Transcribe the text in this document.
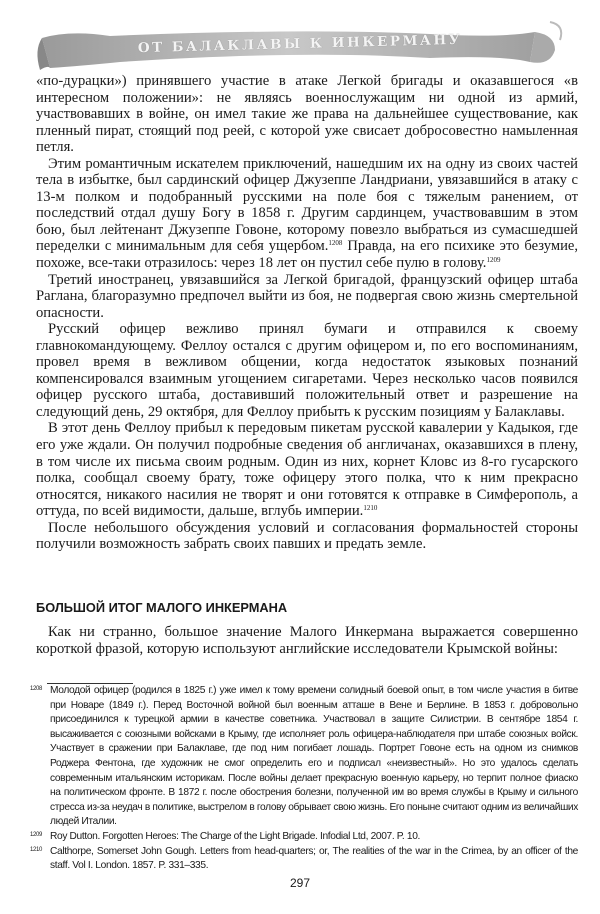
ОТ БАЛАКЛАВЫ К ИНКЕРМАНУ

«по-дурацки») принявшего участие в атаке Легкой бригады и оказавшегося «в интересном положении»: не являясь военнослужащим ни одной из армий, участвовавших в войне, он имел такие же права на дальнейшее существование, как пленный пират, стоящий под реей, с которой уже свисает добросовестно намыленная петля.

Этим романтичным искателем приключений, нашедшим их на одну из своих частей тела в избытке, был сардинский офицер Джузеппе Ландриани, увязавшийся в атаку с 13-м полком и подобранный русскими на поле боя с тяжелым ранением, от последствий отдал душу Богу в 1858 г. Другим сардинцем, участвовавшим в этом бою, был лейтенант Джузеппе Говоне, которому повезло выбраться из сумасшедшей переделки с минимальным для себя ущербом.$^{1208}$ Правда, на его психике это безумие, похоже, все-таки отразилось: через 18 лет он пустил себе пулю в голову.$^{1209}$

Третий иностранец, увязавшийся за Легкой бригадой, французский офицер штаба Раглана, благоразумно предпочел выйти из боя, не подвергая свою жизнь смертельной опасности.

Русский офицер вежливо принял бумаги и отправился к своему главнокомандующему. Феллоу остался с другим офицером и, по его воспоминаниям, провел время в вежливом общении, когда недостаток языковых познаний компенсировался взаимным угощением сигаретами. Через несколько часов появился офицер русского штаба, доставивший положительный ответ и разрешение на следующий день, 29 октября, для Феллоу прибыть к русским позициям у Балаклавы.

В этот день Феллоу прибыл к передовым пикетам русской кавалерии у Кадыкоя, где его уже ждали. Он получил подробные сведения об англичанах, оказавшихся в плену, в том числе их письма своим родным. Один из них, корнет Кловс из 8-го гусарского полка, сообщал своему брату, тоже офицеру этого полка, что к ним прекрасно относятся, никакого насилия не творят и они готовятся к отправке в Симферополь, а оттуда, по всей видимости, дальше, вглубь империи.$^{1210}$

После небольшого обсуждения условий и согласования формальностей стороны получили возможность забрать своих павших и предать земле.

БОЛЬШОЙ ИТОГ МАЛОГО ИНКЕРМАНА

Как ни странно, большое значение Малого Инкермана выражается совершенно короткой фразой, которую используют английские исследователи Крымской войны:

1208 Молодой офицер (родился в 1825 г.) уже имел к тому времени солидный боевой опыт, в том числе участия в битве при Новаре (1849 г.). Перед Восточной войной был военным атташе в Вене и Берлине. В 1853 г. добровольно присоединился к турецкой армии в качестве советника. Участвовал в защите Силистрии. В сентябре 1854 г. высаживается с союзными войсками в Крыму, где исполняет роль офицера-наблюдателя при штабе союзных войск. Участвует в сражении при Балаклаве, где под ним погибает лошадь. Портрет Говоне есть на одном из снимков Роджера Фентона, где художник не смог определить его и подписал «неизвестный». Но это удалось сделать современным итальянским историкам. После войны делает прекрасную военную карьеру, но терпит полное фиаско на политическом фронте. В 1872 г. после обострения болезни, полученной им во время службы в Крыму и сильного стресса из-за неудач в политике, выстрелом в голову обрывает свою жизнь. Его поныне считают одним из величайших людей Италии.
1209 Roy Dutton. Forgotten Heroes: The Charge of the Light Brigade. Infodial Ltd, 2007. P. 10.
1210 Calthorpe, Somerset John Gough. Letters from head-quarters; or, The realities of the war in the Crimea, by an officer of the staff. Vol I. London. 1857. P. 331–335.
297
